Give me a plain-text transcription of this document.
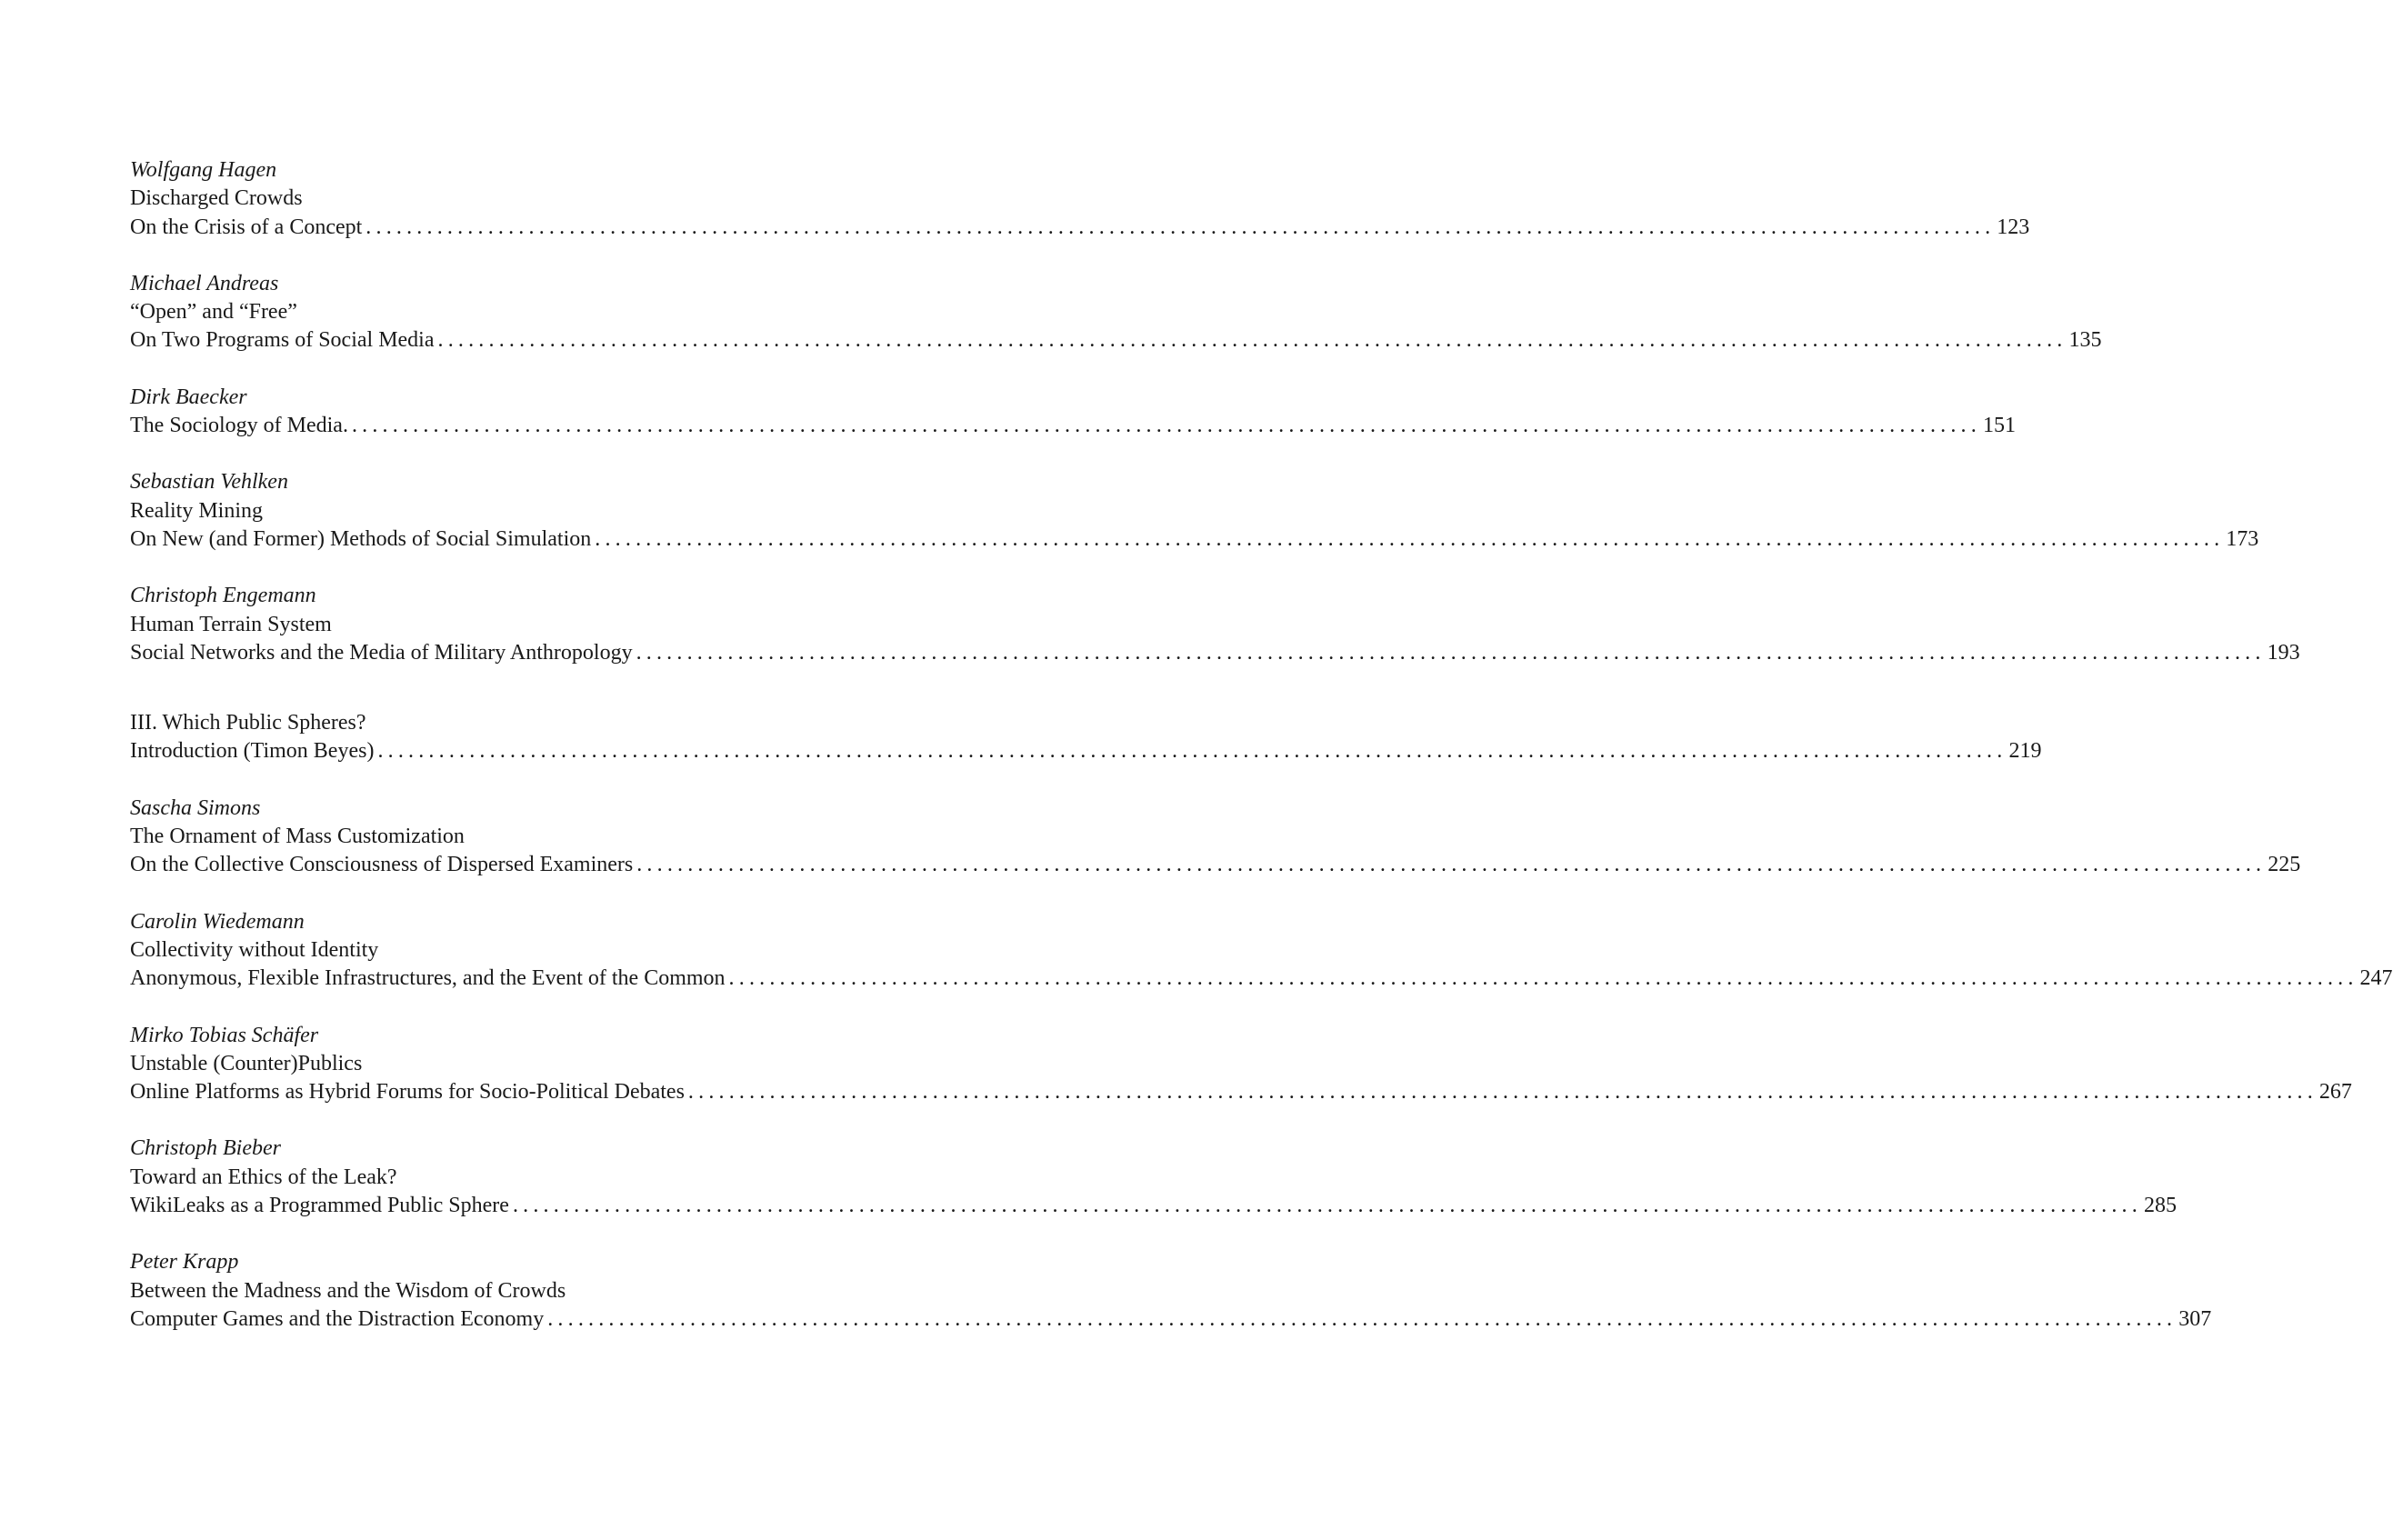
Wolfgang Hagen
Discharged Crowds
On the Crisis of a Concept ................................................................................................................................................................ 123
Michael Andreas
“Open” and “Free”
On Two Programs of Social Media ................................................................................................................................................................ 135
Dirk Baecker
The Sociology of Media. ................................................................................................................................................................ 151
Sebastian Vehlken
Reality Mining
On New (and Former) Methods of Social Simulation ................................................................................................................................................................ 173
Christoph Engemann
Human Terrain System
Social Networks and the Media of Military Anthropology ................................................................................................................................................................ 193
III. Which Public Spheres?
Introduction (Timon Beyes) ................................................................................................................................................................ 219
Sascha Simons
The Ornament of Mass Customization
On the Collective Consciousness of Dispersed Examiners ................................................................................................................................................................ 225
Carolin Wiedemann
Collectivity without Identity
Anonymous, Flexible Infrastructures, and the Event of the Common ................................................................................................................................................................ 247
Mirko Tobias Schäfer
Unstable (Counter)Publics
Online Platforms as Hybrid Forums for Socio-Political Debates ................................................................................................................................................................ 267
Christoph Bieber
Toward an Ethics of the Leak?
WikiLeaks as a Programmed Public Sphere ................................................................................................................................................................ 285
Peter Krapp
Between the Madness and the Wisdom of Crowds
Computer Games and the Distraction Economy ................................................................................................................................................................ 307
